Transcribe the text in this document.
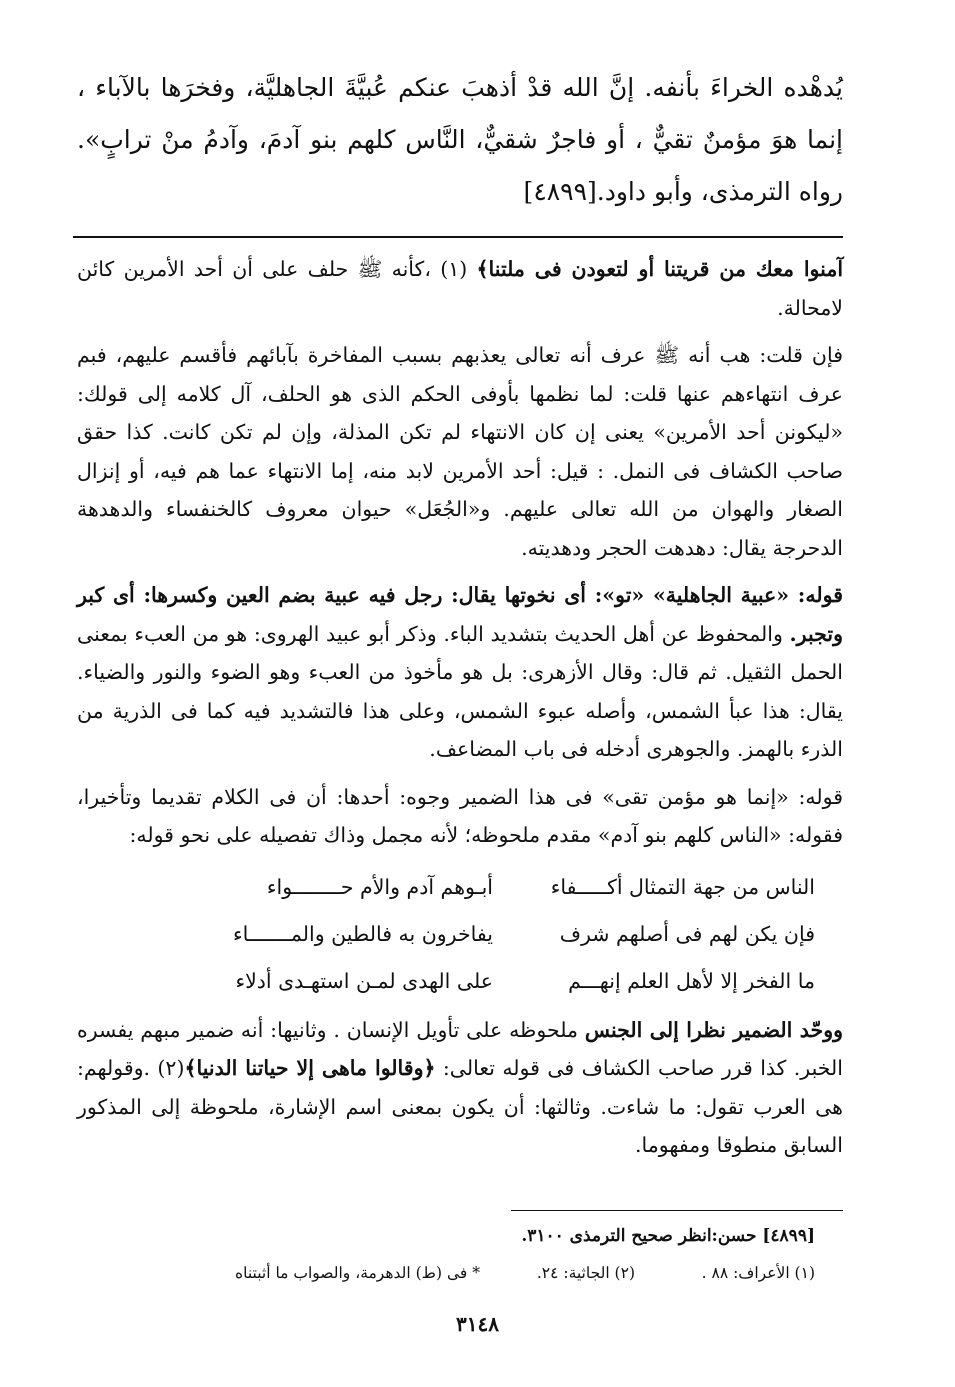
يُدهْده الخراءَ بأنفه. إنَّ الله قدْ أذهبَ عنكم عُبيَّةَ الجاهليَّة، وفخرَها بالآباء ، إنما هوَ مؤمنٌ تقيٌّ ، أو فاجرٌ شقيٌّ، النَّاس كلهم بنو آدمَ، وآدمُ منْ ترابٍ». رواه الترمذى، وأبو داود.[٤٨٩٩]

آمنوا معك من قريتنا أو لتعودن فى ملتنا﴾ (١) ،كأنه ﷺ حلف على أن أحد الأمرين كائن لامحالة.

فإن قلت: هب أنه ﷺ عرف أنه تعالى يعذبهم بسبب المفاخرة بآبائهم فأقسم عليهم، فبم عرف انتهاءهم عنها قلت: لما نظمها بأوفى الحكم الذى هو الحلف، آل كلامه إلى قولك: «ليكونن أحد الأمرين» يعنى إن كان الانتهاء لم تكن المذلة، وإن لم تكن كانت. كذا حقق صاحب الكشاف فى النمل. : قيل: أحد الأمرين لابد منه، إما الانتهاء عما هم فيه، أو إنزال الصغار والهوان من الله تعالى عليهم. و«الجُعَل» حيوان معروف كالخنفساء والدهدهة الدحرجة يقال: دهدهت الحجر ودهديته.

قوله: «عبية الجاهلية» «تو»: أى نخوتها يقال: رجل فيه عبية بضم العين وكسرها: أى كبر وتجبر. والمحفوظ عن أهل الحديث بتشديد الباء. وذكر أبو عبيد الهروى: هو من العبء بمعنى الحمل الثقيل. ثم قال: وقال الأزهرى: بل هو مأخوذ من العبء وهو الضوء والنور والضياء. يقال: هذا عبأ الشمس، وأصله عبوء الشمس، وعلى هذا فالتشديد فيه كما فى الذرية من الذرء بالهمز. والجوهرى أدخله فى باب المضاعف.

قوله: «إنما هو مؤمن تقى» فى هذا الضمير وجوه: أحدها: أن فى الكلام تقديما وتأخيرا، فقوله: «الناس كلهم بنو آدم» مقدم ملحوظه؛ لأنه مجمل وذاك تفصيله على نحو قوله:

الناس من جهة التمثال أكـــــفاء
أبـوهم آدم والأم حــــــــواء
فإن يكن لهم فى أصلهم شرف
يفاخرون به فالطين والمـــــــاء
ما الفخر إلا لأهل العلم إنهـــم
على الهدى لمـن استهـدى أدلاء

ووحّد الضمير نظرا إلى الجنس ملحوظه على تأويل الإنسان . وثانيها: أنه ضمير مبهم يفسره الخبر. كذا قرر صاحب الكشاف فى قوله تعالى: ﴿وقالوا ماهى إلا حياتنا الدنيا﴾(٢) .وقولهم: هى العرب تقول: ما شاءت. وثالثها: أن يكون بمعنى اسم الإشارة، ملحوظة إلى المذكور السابق منطوقا ومفهوما.

[٤٨٩٩] حسن:انظر صحيح الترمذى ٣١٠٠.
(١) الأعراف: ٨٨ .
(٢) الجاثية: ٢٤.
* فى (ط) الدهرمة، والصواب ما أثبتناه
٣١٤٨
